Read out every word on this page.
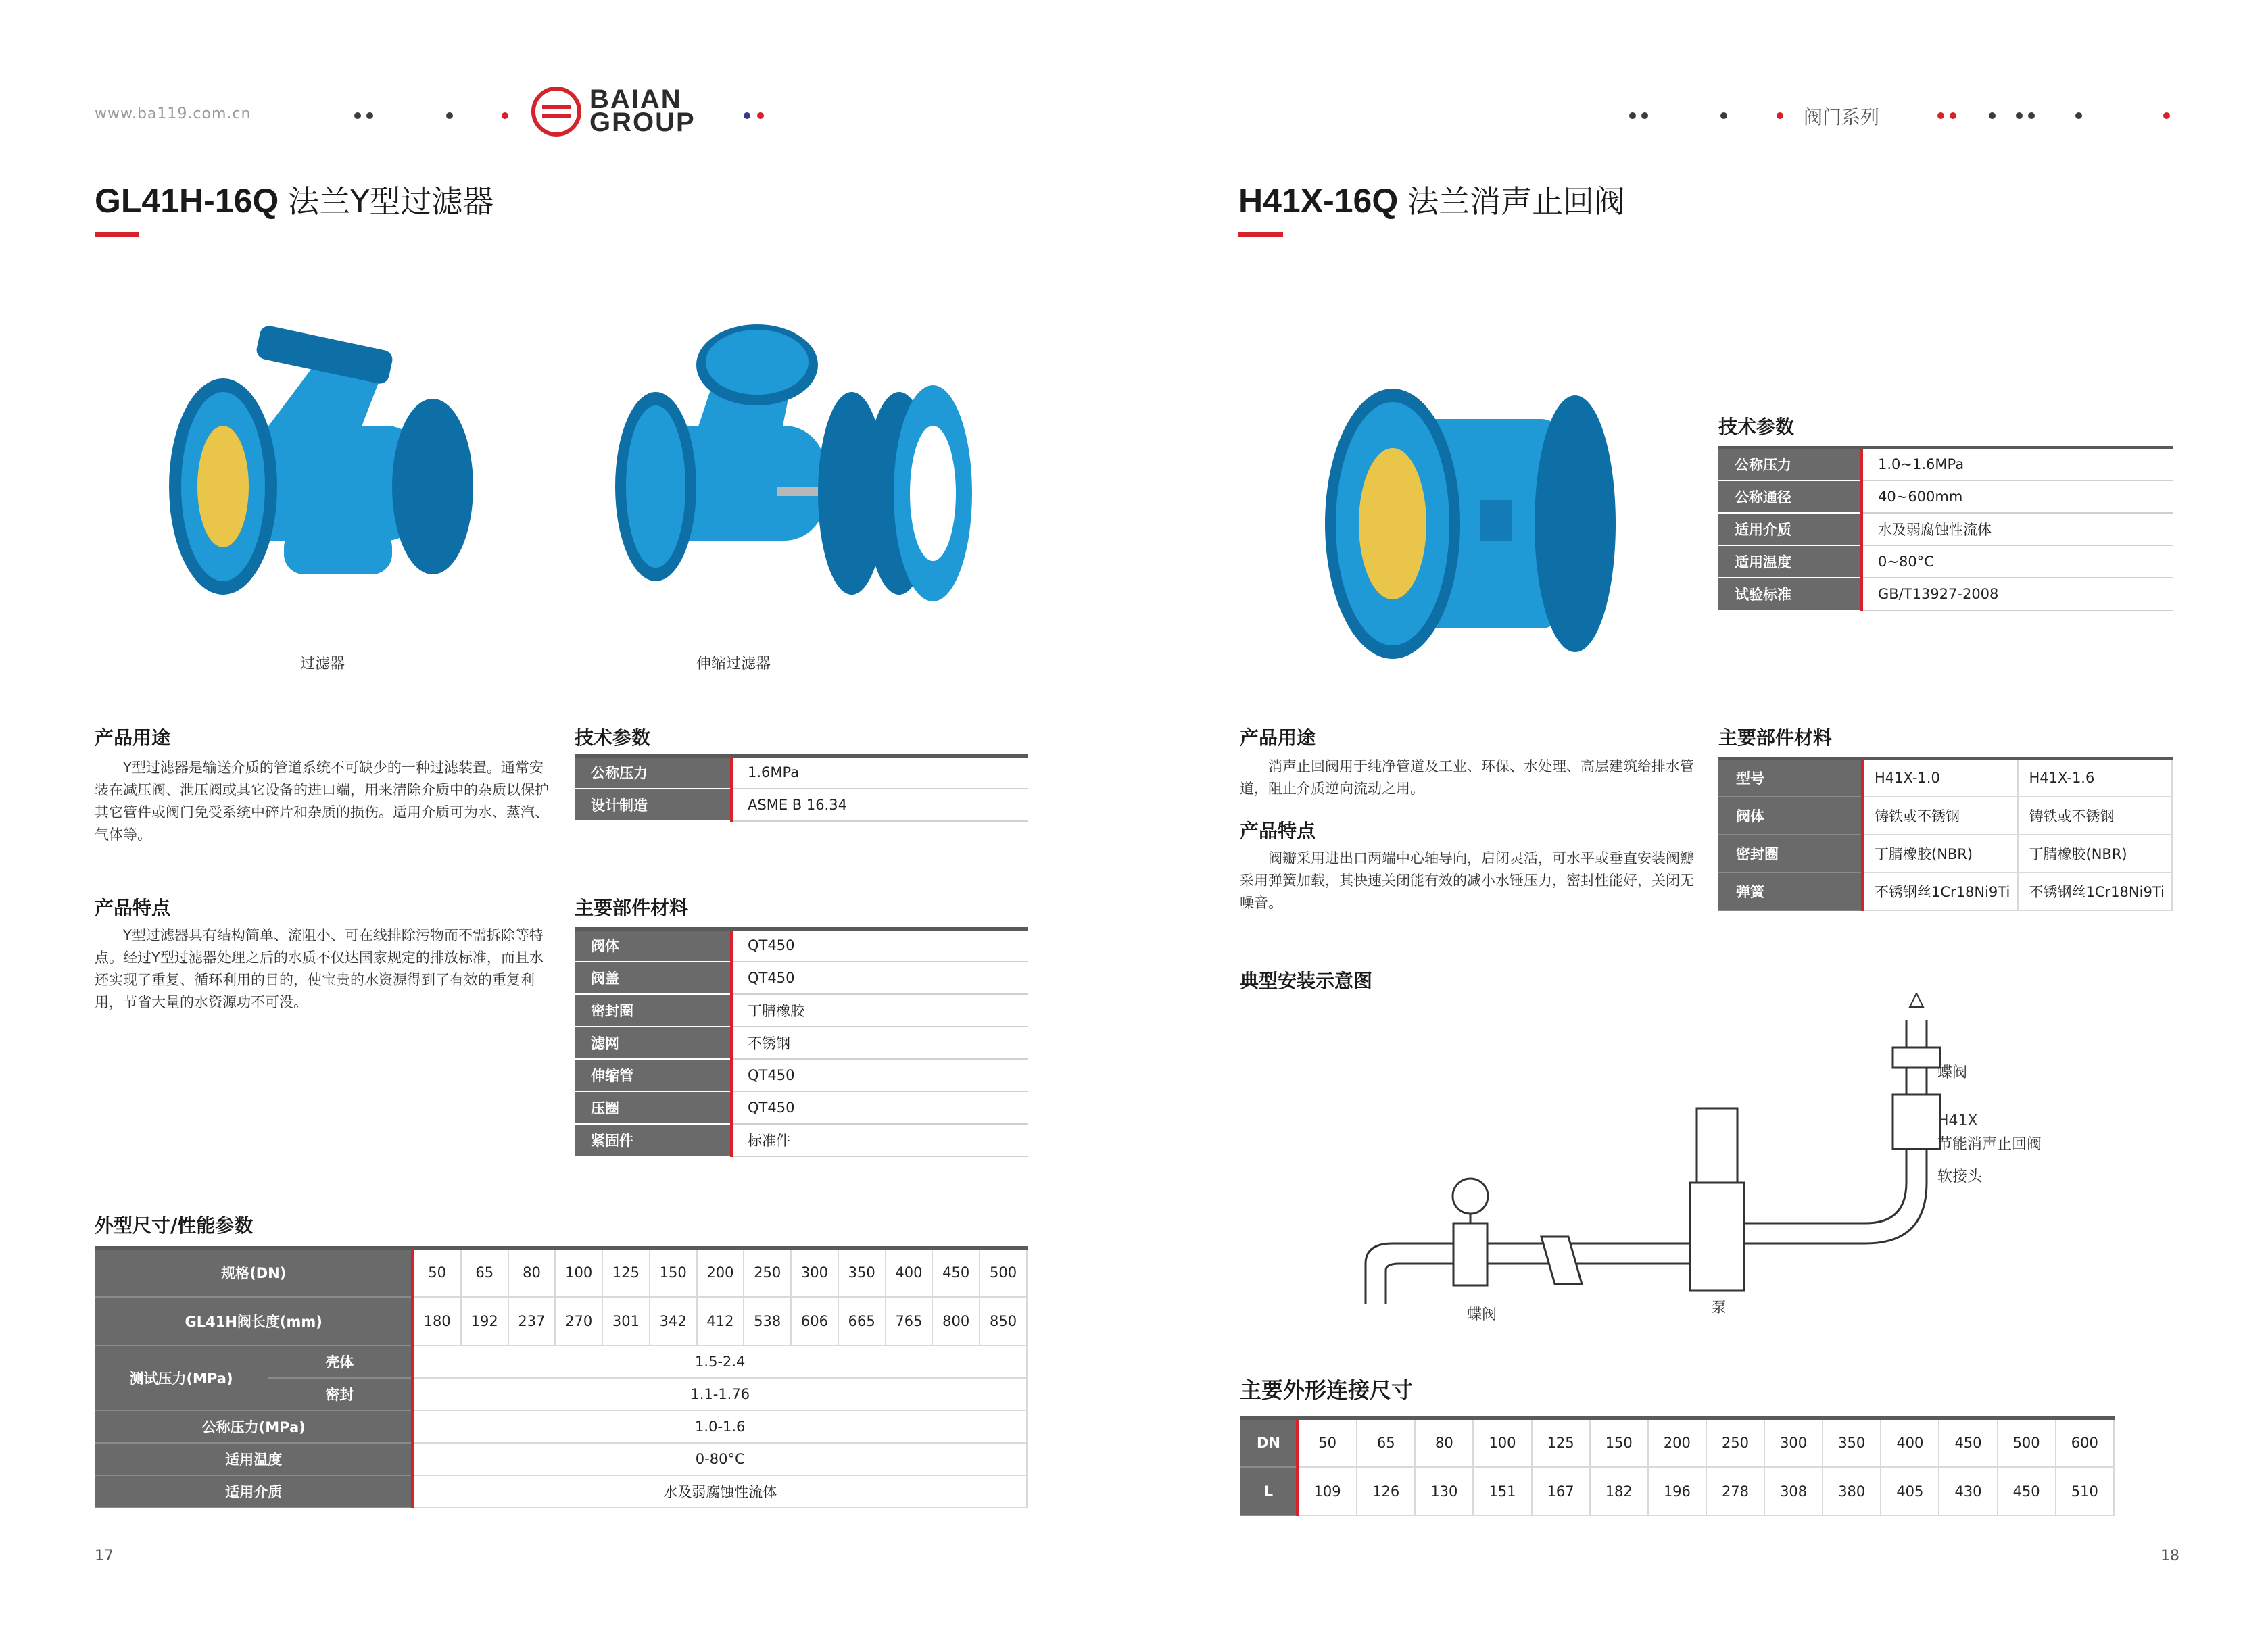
www.ba119.com.cn	BAIAN
GROUP	阀门系列
GL41H-16Q 法兰Y型过滤器
过滤器	伸缩过滤器
产品用途
Y型过滤器是输送介质的管道系统不可缺少的一种过滤装置。通常安装在减压阀、泄压阀或其它设备的进口端，用来清除介质中的杂质以保护其它管件或阀门免受系统中碎片和杂质的损伤。适用介质可为水、蒸汽、气体等。
产品特点
Y型过滤器具有结构简单、流阻小、可在线排除污物而不需拆除等特点。经过Y型过滤器处理之后的水质不仅达国家规定的排放标准，而且水还实现了重复、循环利用的目的，使宝贵的水资源得到了有效的重复利用，节省大量的水资源功不可没。
技术参数
公称压力	1.6MPa
设计制造	ASME B 16.34
主要部件材料
阀体	QT450
阀盖	QT450
密封圈	丁腈橡胶
滤网	不锈钢
伸缩管	QT450
压圈	QT450
紧固件	标准件
外型尺寸/性能参数
规格(DN)		50	65	80	100	125	150	200	250	300	350	400	450	500
GL41H阀长度(mm)		180	192	237	270	301	342	412	538	606	665	765	800	850
测试压力(MPa)	壳体	1.5-2.4												
	密封	1.1-1.76												
公称压力(MPa)		1.0-1.6												
适用温度		0-80°C												
适用介质		水及弱腐蚀性流体												
17
H41X-16Q 法兰消声止回阀
技术参数
公称压力	1.0~1.6MPa
公称通径	40~600mm
适用介质	水及弱腐蚀性流体
适用温度	0~80°C
试验标准	GB/T13927-2008
产品用途
消声止回阀用于纯净管道及工业、环保、水处理、高层建筑给排水管道，阻止介质逆向流动之用。
产品特点
阀瓣采用进出口两端中心轴导向，启闭灵活，可水平或垂直安装阀瓣采用弹簧加载，其快速关闭能有效的减小水锤压力，密封性能好，关闭无噪音。
主要部件材料
型号	H41X-1.0	H41X-1.6
阀体	铸铁或不锈钢	铸铁或不锈钢
密封圈	丁腈橡胶(NBR)	丁腈橡胶(NBR)
弹簧	不锈钢丝1Cr18Ni9Ti	不锈钢丝1Cr18Ni9Ti
典型安装示意图
蝶阀
H41X
节能消声止回阀
软接头
蝶阀	泵
主要外形连接尺寸
DN	50	65	80	100	125	150	200	250	300	350	400	450	500	600
L	109	126	130	151	167	182	196	278	308	380	405	430	450	510
18
